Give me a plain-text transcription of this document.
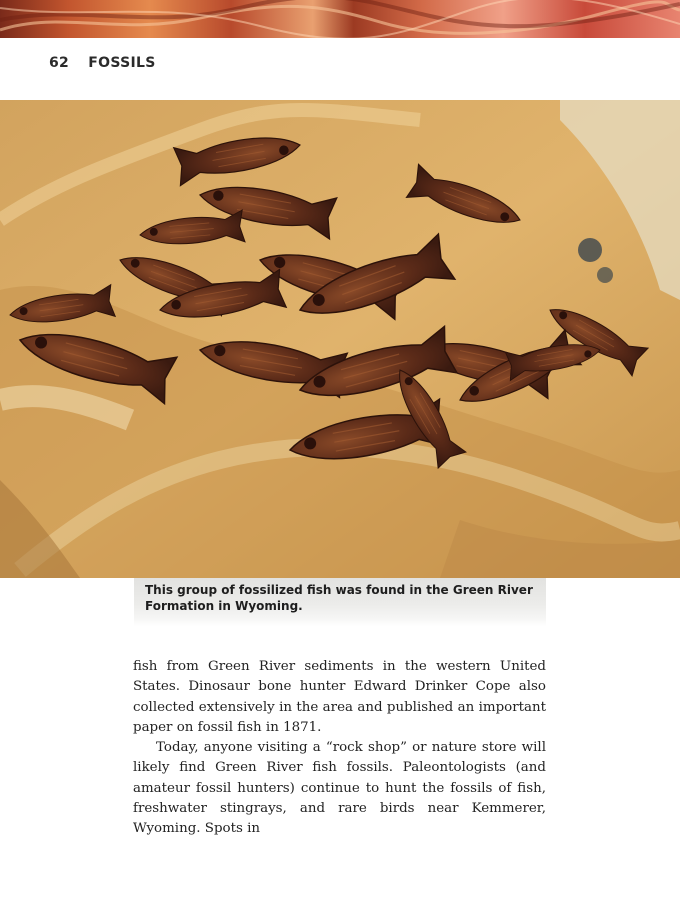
62 FOSSILS

This group of fossilized fish was found in the Green River Formation in Wyoming.

fish from Green River sediments in the western United States. Dinosaur bone hunter Edward Drinker Cope also collected extensively in the area and published an important paper on fossil fish in 1871.

Today, anyone visiting a “rock shop” or nature store will likely find Green River fish fossils. Paleontologists (and amateur fossil hunters) continue to hunt the fossils of fish, freshwater stingrays, and rare birds near Kemmerer, Wyoming. Spots in
